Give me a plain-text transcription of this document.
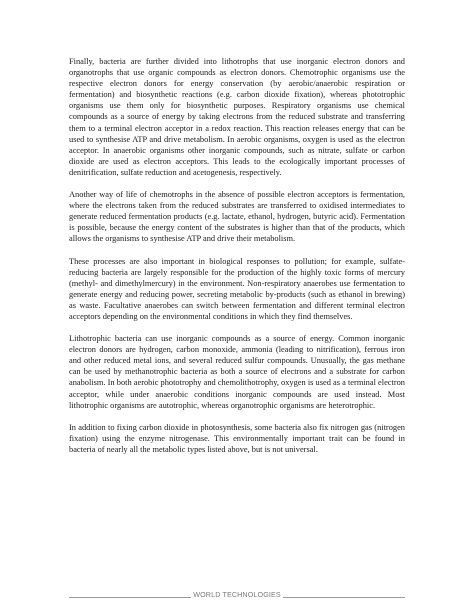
Finally, bacteria are further divided into lithotrophs that use inorganic electron donors and organotrophs that use organic compounds as electron donors. Chemotrophic organisms use the respective electron donors for energy conservation (by aerobic/anaerobic respiration or fermentation) and biosynthetic reactions (e.g. carbon dioxide fixation), whereas phototrophic organisms use them only for biosynthetic purposes. Respiratory organisms use chemical compounds as a source of energy by taking electrons from the reduced substrate and transferring them to a terminal electron acceptor in a redox reaction. This reaction releases energy that can be used to synthesise ATP and drive metabolism. In aerobic organisms, oxygen is used as the electron acceptor. In anaerobic organisms other inorganic compounds, such as nitrate, sulfate or carbon dioxide are used as electron acceptors. This leads to the ecologically important processes of denitrification, sulfate reduction and acetogenesis, respectively.

Another way of life of chemotrophs in the absence of possible electron acceptors is fermentation, where the electrons taken from the reduced substrates are transferred to oxidised intermediates to generate reduced fermentation products (e.g. lactate, ethanol, hydrogen, butyric acid). Fermentation is possible, because the energy content of the substrates is higher than that of the products, which allows the organisms to synthesise ATP and drive their metabolism.

These processes are also important in biological responses to pollution; for example, sulfate-reducing bacteria are largely responsible for the production of the highly toxic forms of mercury (methyl- and dimethylmercury) in the environment. Non-respiratory anaerobes use fermentation to generate energy and reducing power, secreting metabolic by-products (such as ethanol in brewing) as waste. Facultative anaerobes can switch between fermentation and different terminal electron acceptors depending on the environmental conditions in which they find themselves.

Lithotrophic bacteria can use inorganic compounds as a source of energy. Common inorganic electron donors are hydrogen, carbon monoxide, ammonia (leading to nitrification), ferrous iron and other reduced metal ions, and several reduced sulfur compounds. Unusually, the gas methane can be used by methanotrophic bacteria as both a source of electrons and a substrate for carbon anabolism. In both aerobic phototrophy and chemolithotrophy, oxygen is used as a terminal electron acceptor, while under anaerobic conditions inorganic compounds are used instead. Most lithotrophic organisms are autotrophic, whereas organotrophic organisms are heterotrophic.

In addition to fixing carbon dioxide in photosynthesis, some bacteria also fix nitrogen gas (nitrogen fixation) using the enzyme nitrogenase. This environmentally important trait can be found in bacteria of nearly all the metabolic types listed above, but is not universal.

WORLD TECHNOLOGIES
